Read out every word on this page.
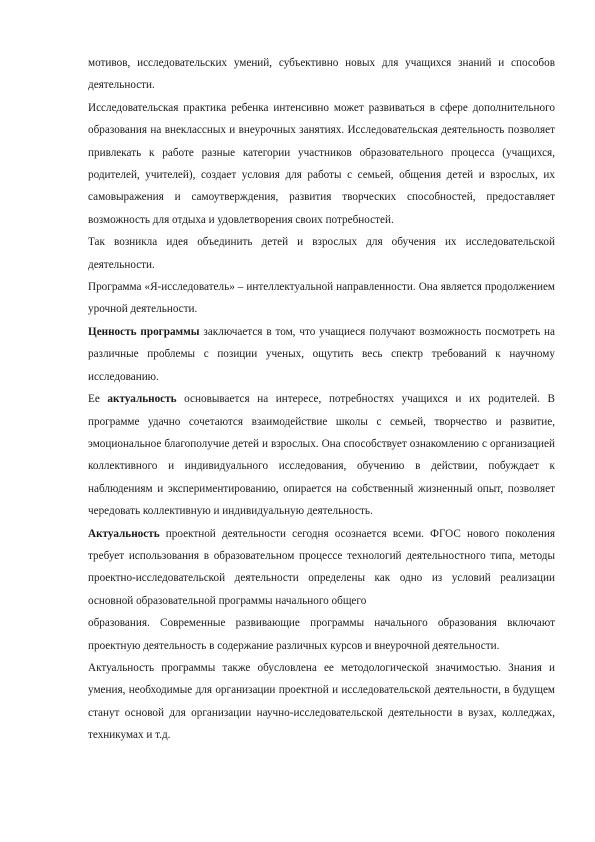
мотивов, исследовательских умений, субъективно новых для учащихся знаний и способов деятельности.

Исследовательская практика ребенка интенсивно может развиваться в сфере дополнительного образования на внеклассных и внеурочных занятиях. Исследовательская деятельность позволяет привлекать к работе разные категории участников образовательного процесса (учащихся, родителей, учителей), создает условия для работы с семьей, общения детей и взрослых, их самовыражения и самоутверждения, развития творческих способностей, предоставляет возможность для отдыха и удовлетворения своих потребностей.

Так возникла идея объединить детей и взрослых для обучения их исследовательской деятельности.

Программа «Я-исследователь» – интеллектуальной направленности. Она является продолжением урочной деятельности.

Ценность программы заключается в том, что учащиеся получают возможность посмотреть на различные проблемы с позиции ученых, ощутить весь спектр требований к научному исследованию.

Ее актуальность основывается на интересе, потребностях учащихся и их родителей. В программе удачно сочетаются взаимодействие школы с семьей, творчество и развитие, эмоциональное благополучие детей и взрослых. Она способствует ознакомлению с организацией коллективного и индивидуального исследования, обучению в действии, побуждает к наблюдениям и экспериментированию, опирается на собственный жизненный опыт, позволяет чередовать коллективную и индивидуальную деятельность.

Актуальность проектной деятельности сегодня осознается всеми. ФГОС нового поколения требует использования в образовательном процессе технологий деятельностного типа, методы проектно-исследовательской деятельности определены как одно из условий реализации основной образовательной программы начального общего

образования. Современные развивающие программы начального образования включают проектную деятельность в содержание различных курсов и внеурочной деятельности.

Актуальность программы также обусловлена ее методологической значимостью. Знания и умения, необходимые для организации проектной и исследовательской деятельности, в будущем станут основой для организации научно-исследовательской деятельности в вузах, колледжах, техникумах и т.д.
